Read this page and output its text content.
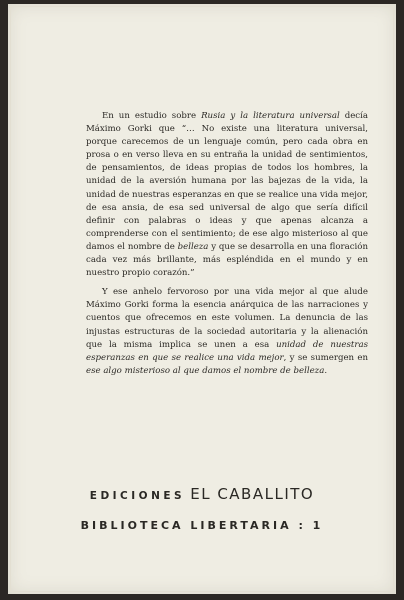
En un estudio sobre Rusia y la literatura universal decía Máximo Gorki que “… No existe una literatura universal, porque carecemos de un lenguaje común, pero cada obra en prosa o en verso lleva en su entraña la unidad de sentimientos, de pensamientos, de ideas propias de todos los hombres, la unidad de la aversión humana por las bajezas de la vida, la unidad de nuestras esperanzas en que se realice una vida mejor, de esa ansia, de esa sed universal de algo que sería difícil definir con palabras o ideas y que apenas alcanza a comprenderse con el sentimiento; de ese algo misterioso al que damos el nombre de belleza y que se desarrolla en una floración cada vez más brillante, más espléndida en el mundo y en nuestro propio corazón.”

Y ese anhelo fervoroso por una vida mejor al que alude Máximo Gorki forma la esencia anárquica de las narraciones y cuentos que ofrecemos en este volumen. La denuncia de las injustas estructuras de la sociedad autoritaria y la alienación que la misma implica se unen a esa unidad de nuestras esperanzas en que se realice una vida mejor, y se sumergen en ese algo misterioso al que damos el nombre de belleza.

EDICIONES EL CABALLITO
BIBLIOTECA LIBERTARIA : 1
